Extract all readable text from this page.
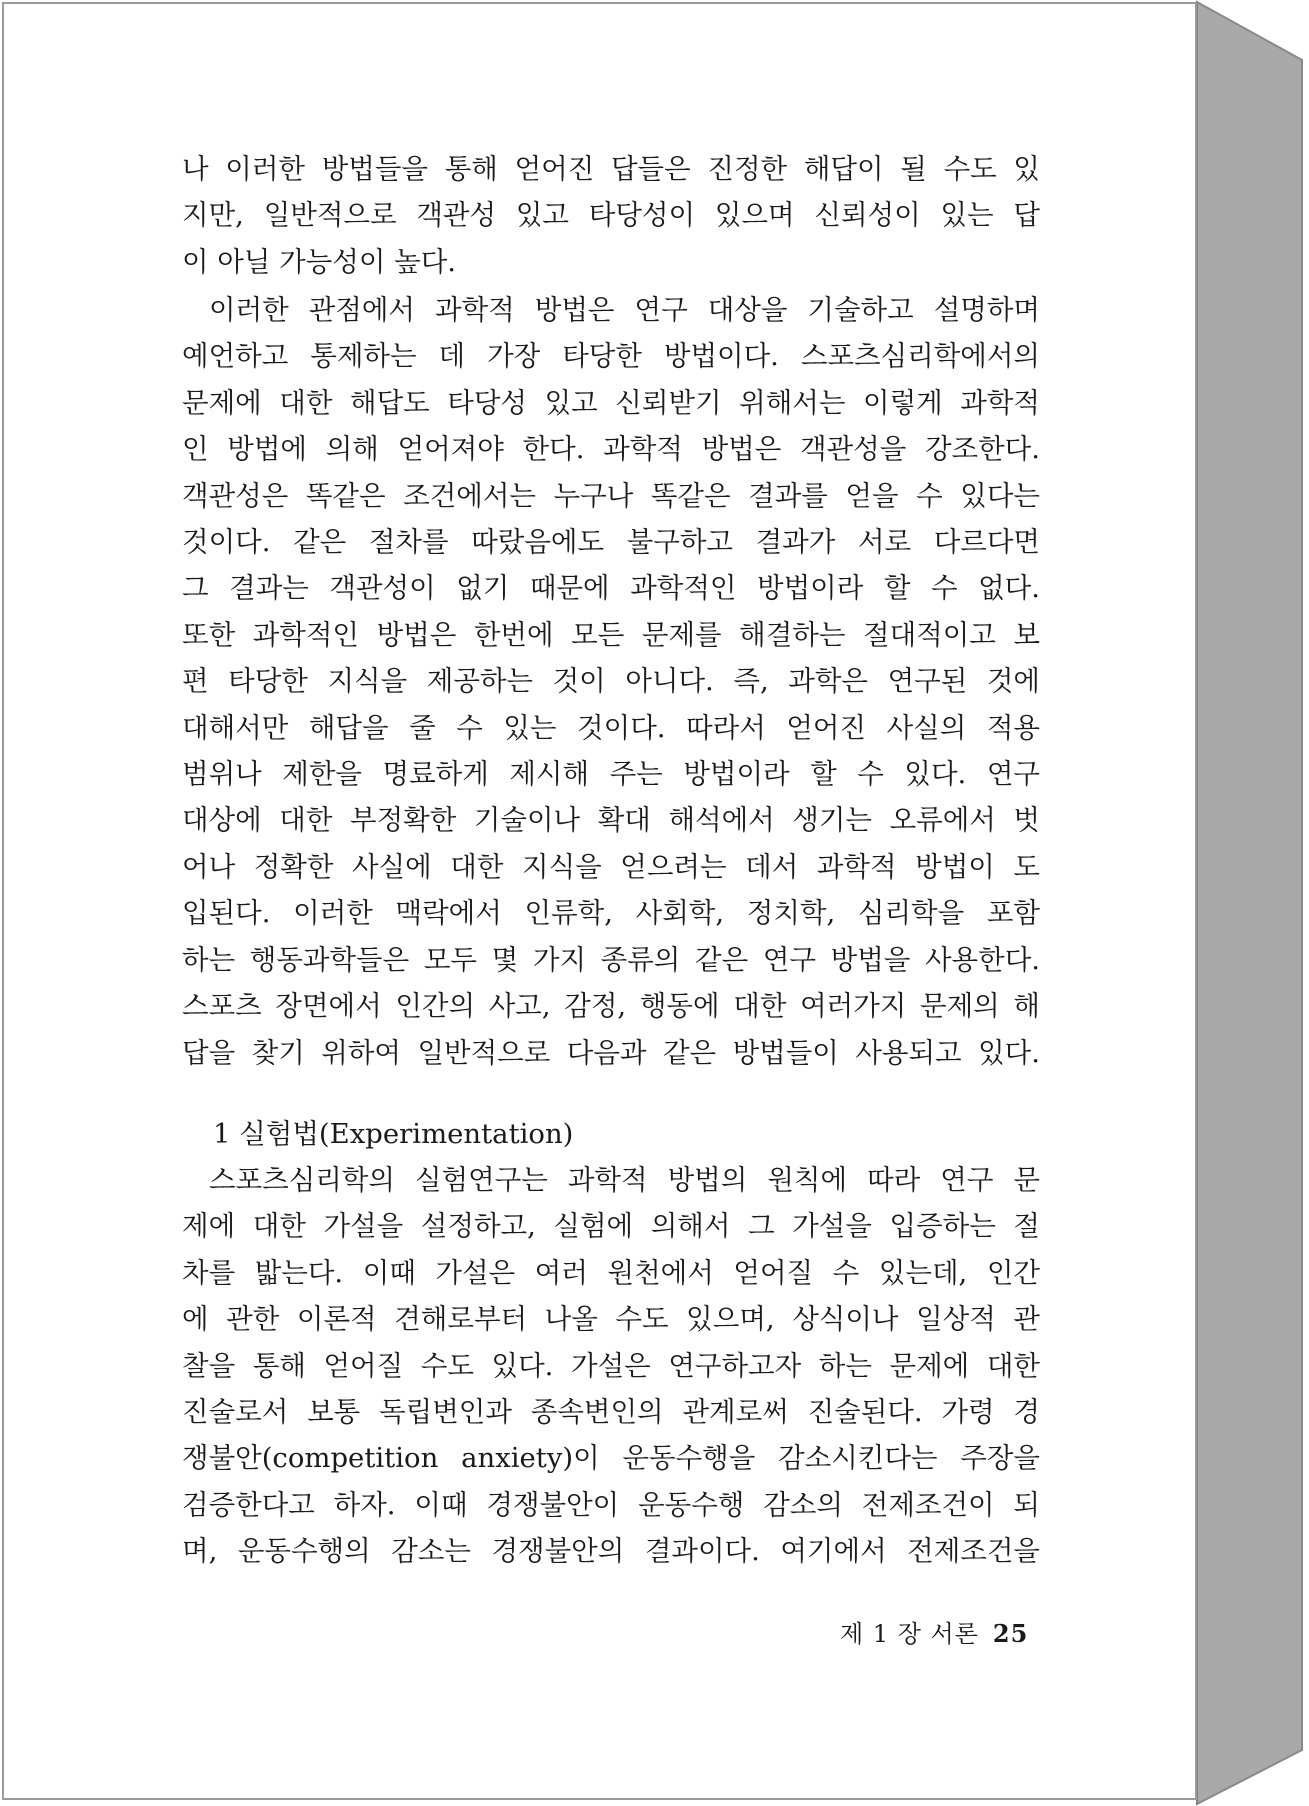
나 이러한 방법들을 통해 얻어진 답들은 진정한 해답이 될 수도 있
지만, 일반적으로 객관성 있고 타당성이 있으며 신뢰성이 있는 답
이 아닐 가능성이 높다.
이러한 관점에서 과학적 방법은 연구 대상을 기술하고 설명하며
예언하고 통제하는 데 가장 타당한 방법이다. 스포츠심리학에서의
문제에 대한 해답도 타당성 있고 신뢰받기 위해서는 이렇게 과학적
인 방법에 의해 얻어져야 한다. 과학적 방법은 객관성을 강조한다.
객관성은 똑같은 조건에서는 누구나 똑같은 결과를 얻을 수 있다는
것이다. 같은 절차를 따랐음에도 불구하고 결과가 서로 다르다면
그 결과는 객관성이 없기 때문에 과학적인 방법이라 할 수 없다.
또한 과학적인 방법은 한번에 모든 문제를 해결하는 절대적이고 보
편 타당한 지식을 제공하는 것이 아니다. 즉, 과학은 연구된 것에
대해서만 해답을 줄 수 있는 것이다. 따라서 얻어진 사실의 적용
범위나 제한을 명료하게 제시해 주는 방법이라 할 수 있다. 연구
대상에 대한 부정확한 기술이나 확대 해석에서 생기는 오류에서 벗
어나 정확한 사실에 대한 지식을 얻으려는 데서 과학적 방법이 도
입된다. 이러한 맥락에서 인류학, 사회학, 정치학, 심리학을 포함
하는 행동과학들은 모두 몇 가지 종류의 같은 연구 방법을 사용한다.
스포츠 장면에서 인간의 사고, 감정, 행동에 대한 여러가지 문제의 해
답을 찾기 위하여 일반적으로 다음과 같은 방법들이 사용되고 있다.
1 실험법(Experimentation)
스포츠심리학의 실험연구는 과학적 방법의 원칙에 따라 연구 문
제에 대한 가설을 설정하고, 실험에 의해서 그 가설을 입증하는 절
차를 밟는다. 이때 가설은 여러 원천에서 얻어질 수 있는데, 인간
에 관한 이론적 견해로부터 나올 수도 있으며, 상식이나 일상적 관
찰을 통해 얻어질 수도 있다. 가설은 연구하고자 하는 문제에 대한
진술로서 보통 독립변인과 종속변인의 관계로써 진술된다. 가령 경
쟁불안(competition anxiety)이 운동수행을 감소시킨다는 주장을
검증한다고 하자. 이때 경쟁불안이 운동수행 감소의 전제조건이 되
며, 운동수행의 감소는 경쟁불안의 결과이다. 여기에서 전제조건을
제 1 장 서론 25
